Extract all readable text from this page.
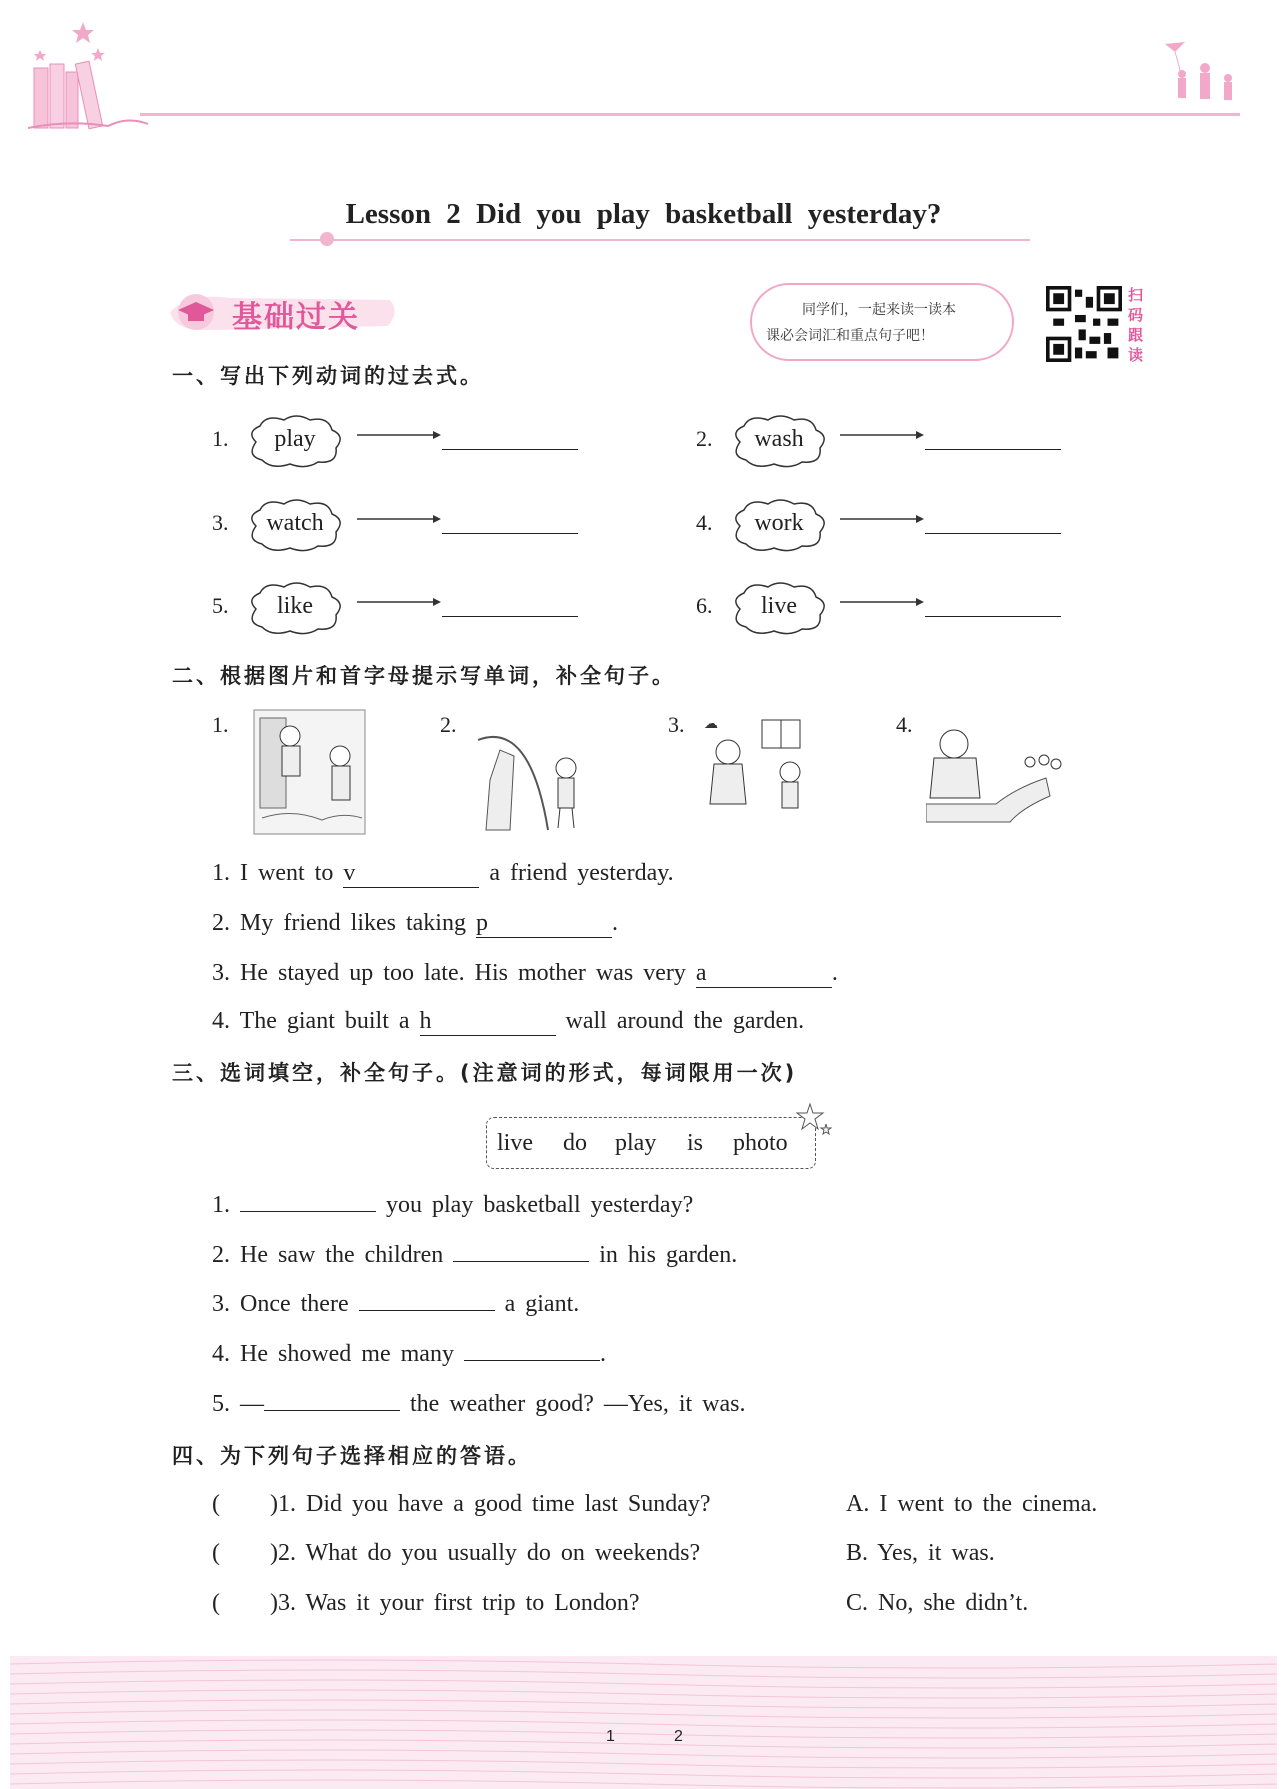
Lesson 2 Did you play basketball yesterday?
基础过关	同学们，一起来读一读本
课必会词汇和重点句子吧！
扫
码
跟
读
一、写出下列动词的过去式。
1.	play	2.	wash
3.	watch	4.	work
5.	like	6.	live
二、根据图片和首字母提示写单词，补全句子。
1.	2.	3. ☁	4.
1. I went to v	a friend yesterday.
2. My friend likes taking p	.
3. He stayed up too late. His mother was very a	.
4. The giant built a h	wall around the garden.
三、选词填空，补全句子。(注意词的形式，每词限用一次)
live do play is photo
1.	you play basketball yesterday?
2. He saw the children	in his garden.
3. Once there	a giant.
4. He showed me many	.
5. —	the weather good? —Yes, it was.
四、为下列句子选择相应的答语。
( )1. Did you have a good time last Sunday?	A. I went to the cinema.
( )2. What do you usually do on weekends?	B. Yes, it was.
( )3. Was it your first trip to London?	C. No, she didn’t.
1	2
